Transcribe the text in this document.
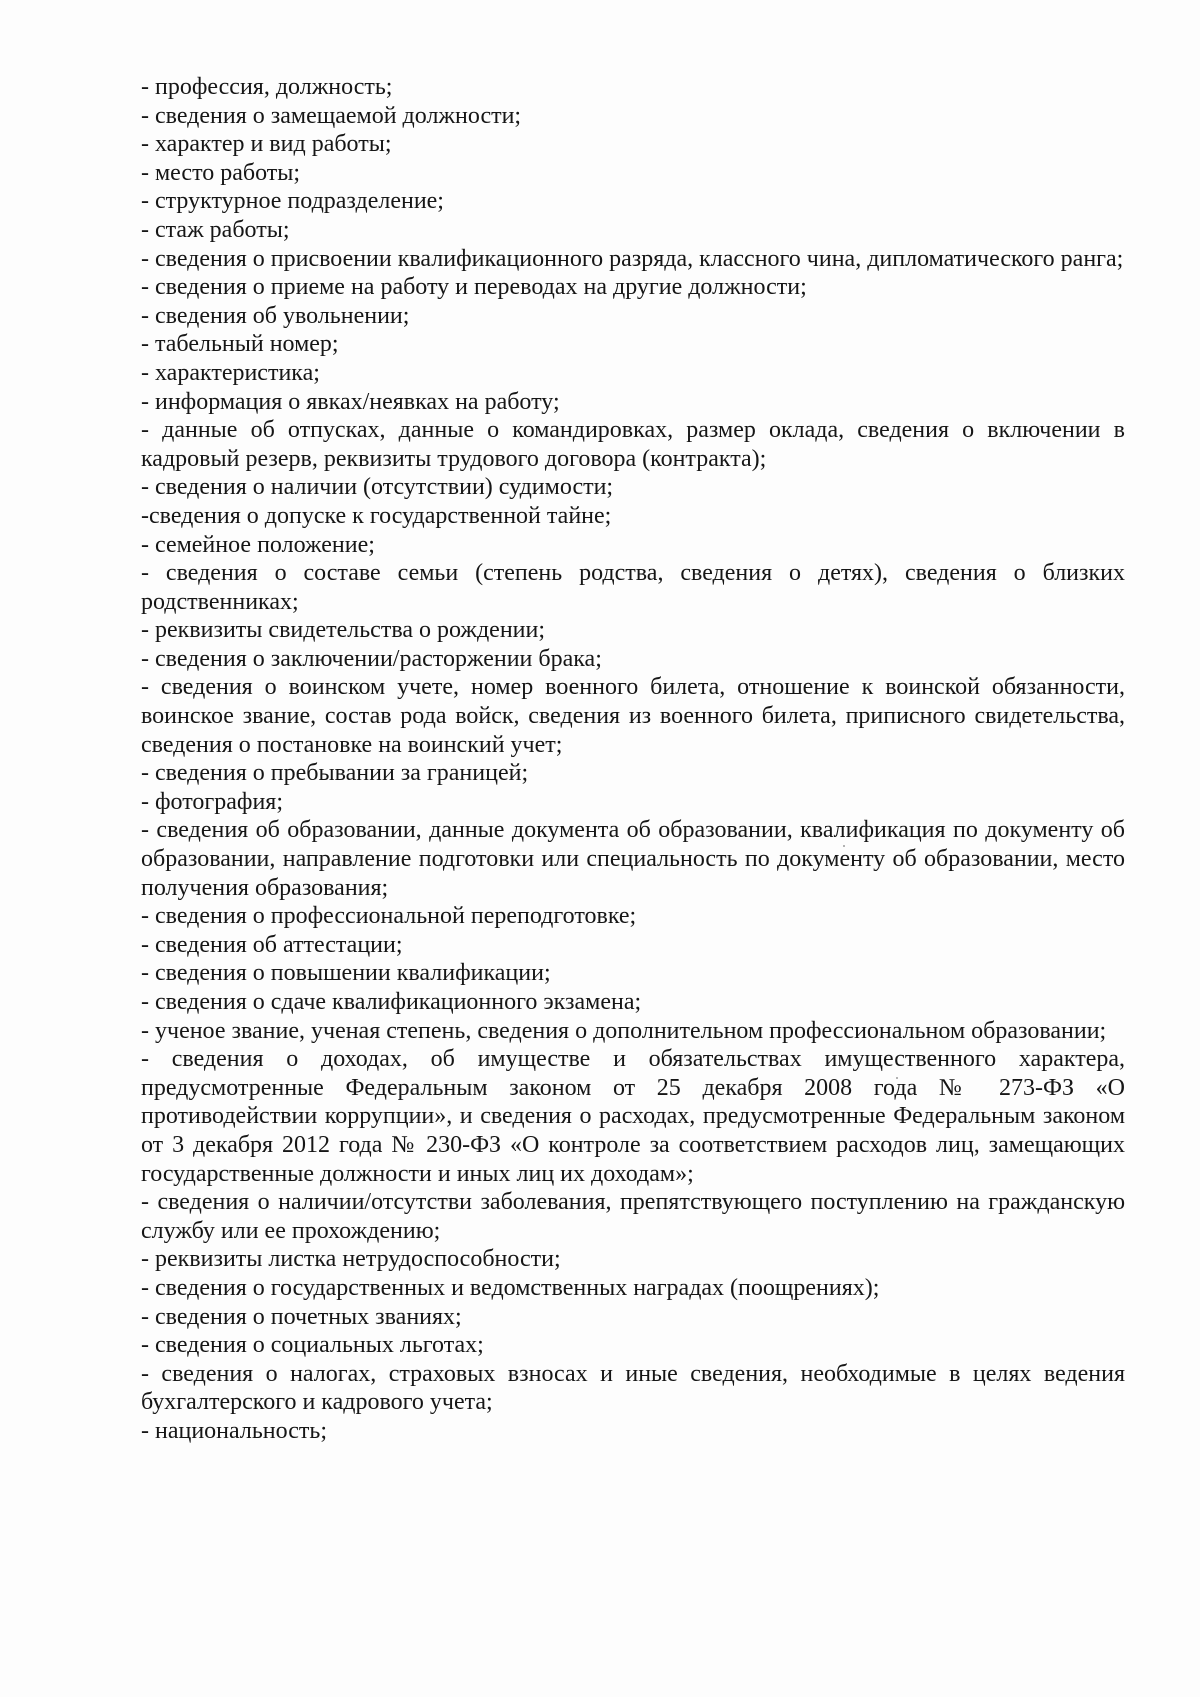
- профессия, должность;

- сведения о замещаемой должности;

- характер и вид работы;

- место работы;

- структурное подразделение;

- стаж работы;

- сведения о присвоении квалификационного разряда, классного чина, дипломатического ранга;

- сведения о приеме на работу и переводах на другие должности;

- сведения об увольнении;

- табельный номер;

- характеристика;

- информация о явках/неявках на работу;

- данные об отпусках, данные о командировках, размер оклада, сведения о включении в кадровый резерв, реквизиты трудового договора (контракта);

- сведения о наличии (отсутствии) судимости;

-сведения о допуске к государственной тайне;

- семейное положение;

- сведения о составе семьи (степень родства, сведения о детях), сведения о близких родственниках;

- реквизиты свидетельства о рождении;

- сведения о заключении/расторжении брака;

- сведения о воинском учете, номер военного билета, отношение к воинской обязанности, воинское звание, состав рода войск, сведения из военного билета, приписного свидетельства, сведения о постановке на воинский учет;

- сведения о пребывании за границей;

- фотография;

- сведения об образовании, данные документа об образовании, квалификация по документу об образовании, направление подготовки или специальность по документу об образовании, место получения образования;

- сведения о профессиональной переподготовке;

- сведения об аттестации;

- сведения о повышении квалификации;

- сведения о сдаче квалификационного экзамена;

- ученое звание, ученая степень, сведения о дополнительном профессиональном образовании;

- сведения о доходах, об имуществе и обязательствах имущественного характера, предусмотренные Федеральным законом от 25 декабря 2008 года № 273-ФЗ «О противодействии коррупции», и сведения о расходах, предусмотренные Федеральным законом от 3 декабря 2012 года № 230-ФЗ «О контроле за соответствием расходов лиц, замещающих государственные должности и иных лиц их доходам»;

- сведения о наличии/отсутстви заболевания, препятствующего поступлению на гражданскую службу или ее прохождению;

- реквизиты листка нетрудоспособности;

- сведения о государственных и ведомственных наградах (поощрениях);

- сведения о почетных званиях;

- сведения о социальных льготах;

- сведения о налогах, страховых взносах и иные сведения, необходимые в целях ведения бухгалтерского и кадрового учета;

- национальность;
